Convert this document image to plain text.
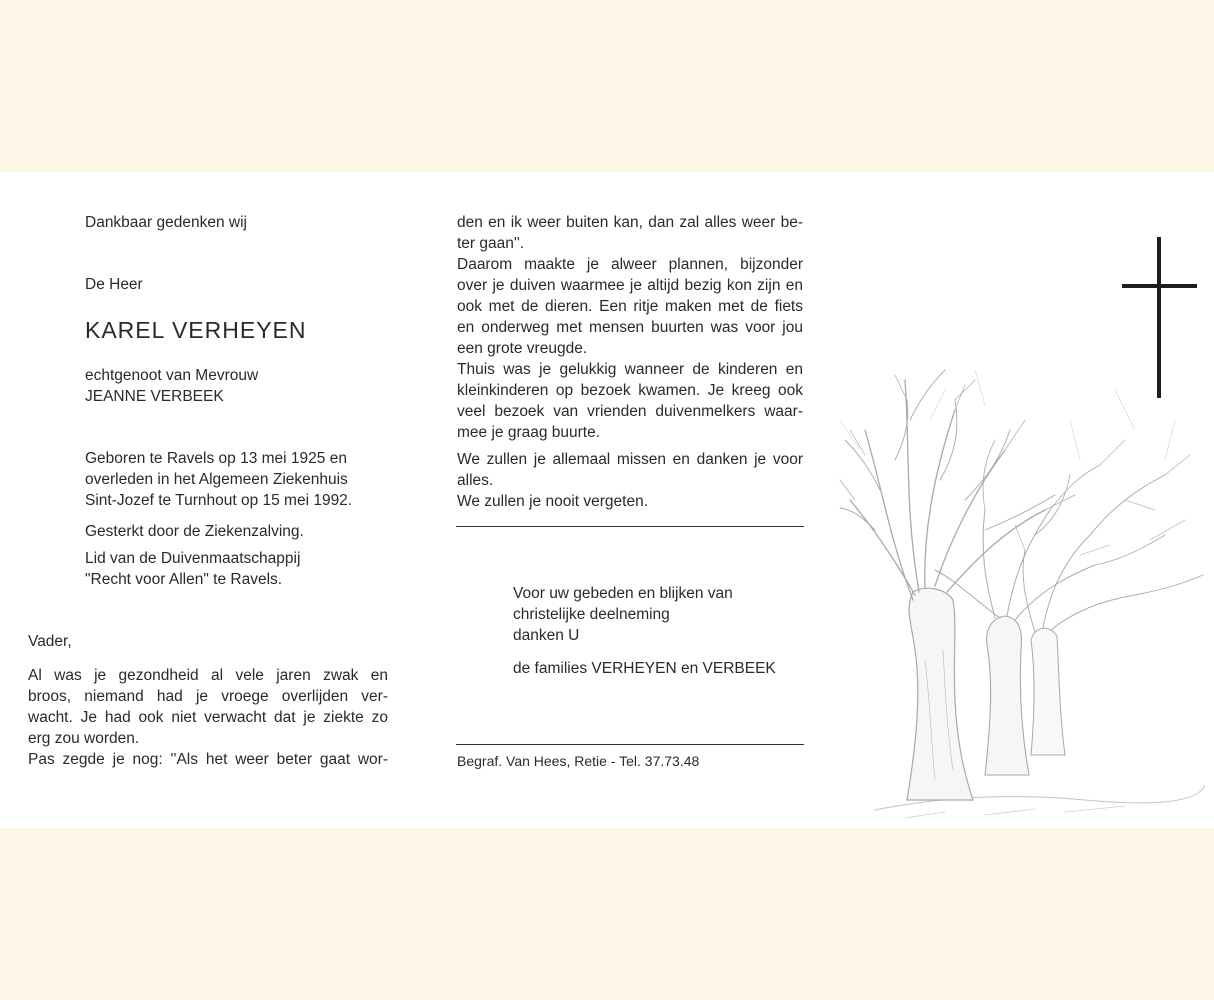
Dankbaar gedenken wij

De Heer

KAREL VERHEYEN

echtgenoot van Mevrouw

JEANNE VERBEEK

Geboren te Ravels op 13 mei 1925 en

overleden in het Algemeen Ziekenhuis

Sint-Jozef te Turnhout op 15 mei 1992.

Gesterkt door de Ziekenzalving.

Lid van de Duivenmaatschappij

"Recht voor Allen" te Ravels.

Vader,

Al was je gezondheid al vele jaren zwak en

broos, niemand had je vroege overlijden ver-

wacht. Je had ook niet verwacht dat je ziekte zo

erg zou worden.

Pas zegde je nog: ''Als het weer beter gaat wor-

den en ik weer buiten kan, dan zal alles weer be-

ter gaan''.

Daarom maakte je alweer plannen, bijzonder

over je duiven waarmee je altijd bezig kon zijn en

ook met de dieren. Een ritje maken met de fiets

en onderweg met mensen buurten was voor jou

een grote vreugde.

Thuis was je gelukkig wanneer de kinderen en

kleinkinderen op bezoek kwamen. Je kreeg ook

veel bezoek van vrienden duivenmelkers waar-

mee je graag buurte.

We zullen je allemaal missen en danken je voor

alles.

We zullen je nooit vergeten.

Voor uw gebeden en blijken van

christelijke deelneming

danken U

de families VERHEYEN en VERBEEK

Begraf. Van Hees, Retie - Tel. 37.73.48
